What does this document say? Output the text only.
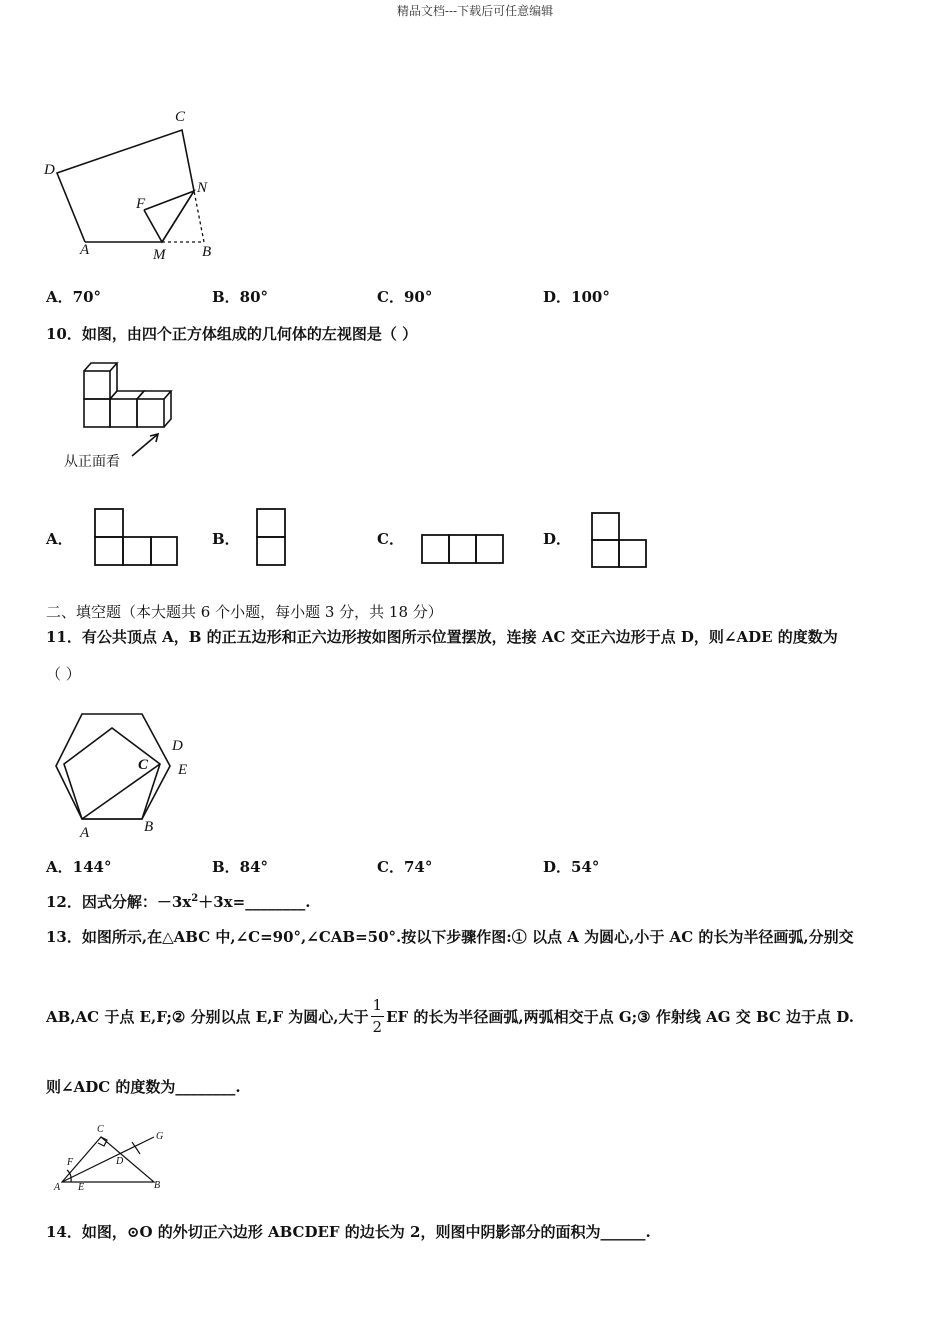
精品文档---下载后可任意编辑
C
D
N
F
A	M B
A．70°	B．80°	C．90°	D．100°
10．如图，由四个正方体组成的几何体的左视图是（ ）
从正面看
A．	B．	C．	D．
二、填空题（本大题共 6 个小题，每小题 3 分，共 18 分）
11．有公共顶点 A，B 的正五边形和正六边形按如图所示位置摆放，连接 AC 交正六边形于点 D，则∠ADE 的度数为
（ ）
C
D
E
A	B
A．144°	B．84°	C．74°	D．54°
12．因式分解：$-3x^2+3x=\_\_\_\_\_\_\_\_$.
13．如图所示,在△ABC 中,∠C=90°,∠CAB=50°.按以下步骤作图:① 以点 A 为圆心,小于 AC 的长为半径画弧,分别交
AB,AC 于点 E,F;② 分别以点 E,F 为圆心,大于 $\frac{1}{2}$ EF 的长为半径画弧,两弧相交于点 G;③ 作射线 AG 交 BC 边于点 D.
则∠ADC 的度数为________.
C
G
F	D
A E	B
14．如图，⊙O 的外切正六边形 ABCDEF 的边长为 2，则图中阴影部分的面积为______.
